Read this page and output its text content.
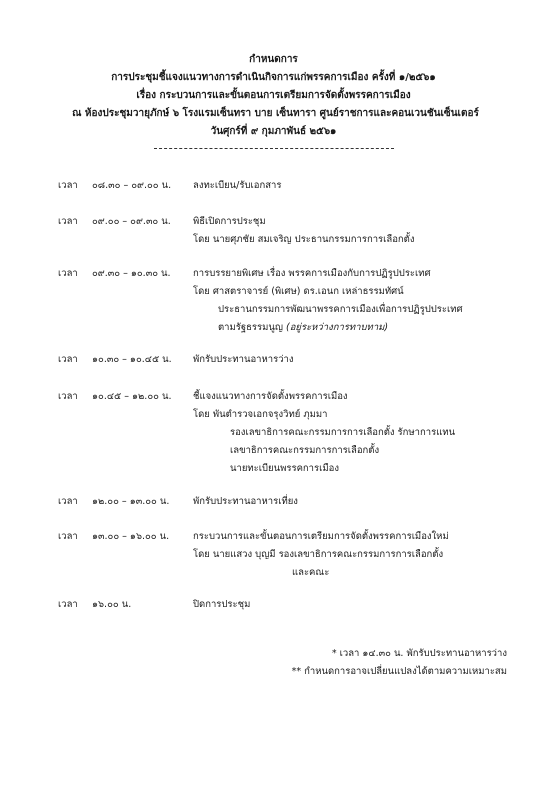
กำหนดการ
การประชุมชี้แจงแนวทางการดำเนินกิจการแก่พรรคการเมือง ครั้งที่ ๑/๒๕๖๑
เรื่อง กระบวนการและขั้นตอนการเตรียมการจัดตั้งพรรคการเมือง
ณ ห้องประชุมวายุภักษ์ ๖ โรงแรมเซ็นทรา บาย เซ็นทารา ศูนย์ราชการและคอนเวนชันเซ็นเตอร์
วันศุกร์ที่ ๙ กุมภาพันธ์ ๒๕๖๑
เวลา	๐๘.๓๐ – ๐๙.๐๐ น.	ลงทะเบียน/รับเอกสาร
เวลา	๐๙.๐๐ – ๐๙.๓๐ น.	พิธีเปิดการประชุม
โดย นายศุภชัย สมเจริญ ประธานกรรมการการเลือกตั้ง
เวลา	๐๙.๓๐ – ๑๐.๓๐ น.	การบรรยายพิเศษ เรื่อง พรรคการเมืองกับการปฏิรูปประเทศ
โดย ศาสตราจารย์ (พิเศษ) ดร.เอนก เหล่าธรรมทัศน์
ประธานกรรมการพัฒนาพรรคการเมืองเพื่อการปฏิรูปประเทศ
ตามรัฐธรรมนูญ (อยู่ระหว่างการทาบทาม)
เวลา	๑๐.๓๐ – ๑๐.๔๕ น.	พักรับประทานอาหารว่าง
เวลา	๑๐.๔๕ – ๑๒.๐๐ น.	ชี้แจงแนวทางการจัดตั้งพรรคการเมือง
โดย พันตำรวจเอกจรุงวิทย์ ภุมมา
รองเลขาธิการคณะกรรมการการเลือกตั้ง รักษาการแทน
เลขาธิการคณะกรรมการการเลือกตั้ง
นายทะเบียนพรรคการเมือง
เวลา	๑๒.๐๐ – ๑๓.๐๐ น.	พักรับประทานอาหารเที่ยง
เวลา	๑๓.๐๐ – ๑๖.๐๐ น.	กระบวนการและขั้นตอนการเตรียมการจัดตั้งพรรคการเมืองใหม่
โดย นายแสวง บุญมี รองเลขาธิการคณะกรรมการการเลือกตั้ง
และคณะ
เวลา	๑๖.๐๐ น.	ปิดการประชุม
* เวลา ๑๔.๓๐ น. พักรับประทานอาหารว่าง
** กำหนดการอาจเปลี่ยนแปลงได้ตามความเหมาะสม
